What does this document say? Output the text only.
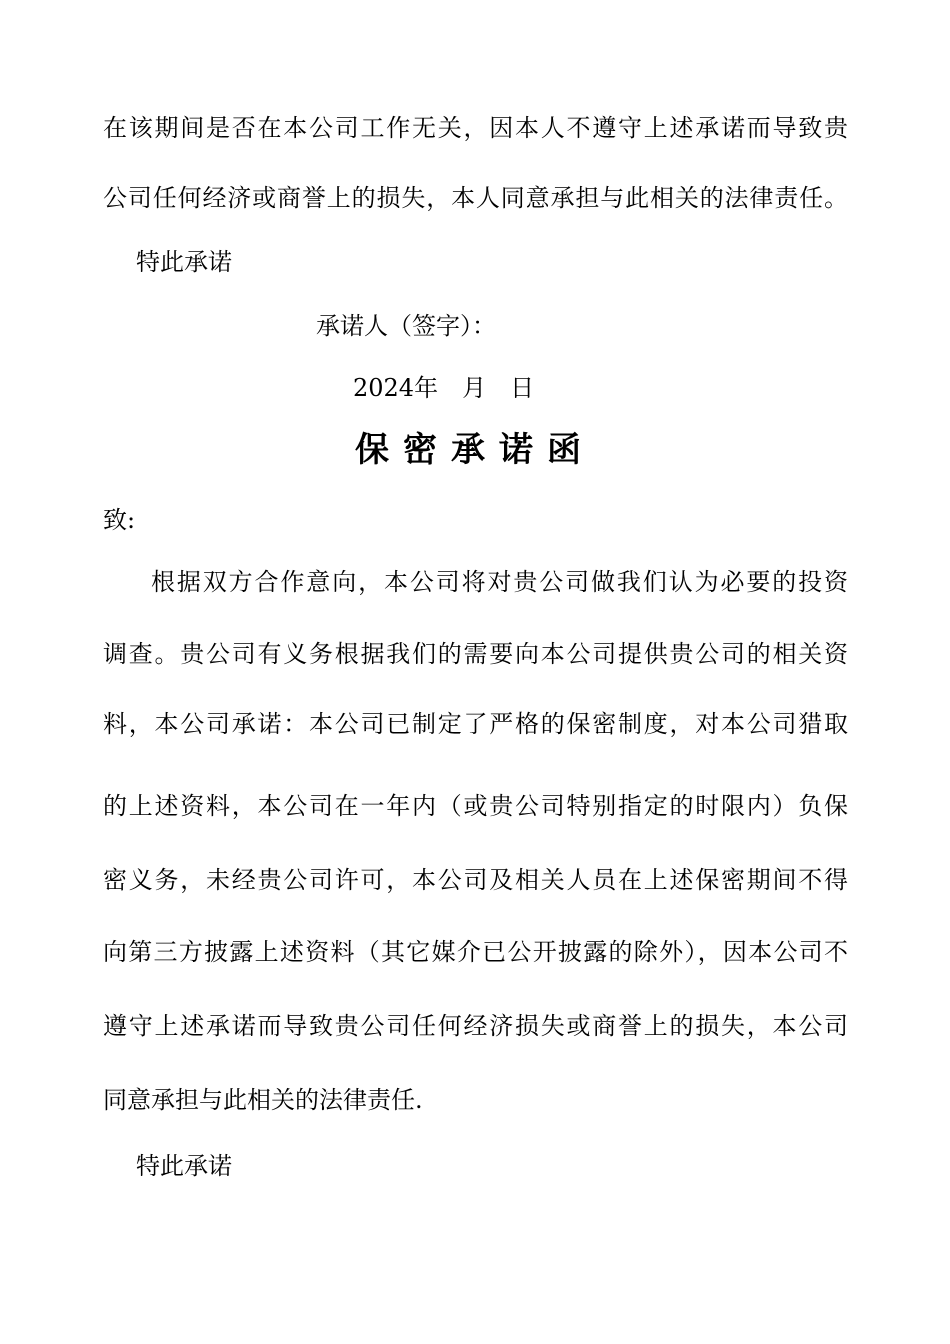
在该期间是否在本公司工作无关，因本人不遵守上述承诺而导致贵
公司任何经济或商誉上的损失，本人同意承担与此相关的法律责任。
特此承诺
承诺人（签字）：
2024年　月　日
保密承诺函
致:
根据双方合作意向，本公司将对贵公司做我们认为必要的投资
调查。贵公司有义务根据我们的需要向本公司提供贵公司的相关资
料，本公司承诺：本公司已制定了严格的保密制度，对本公司猎取
的上述资料，本公司在一年内（或贵公司特别指定的时限内）负保
密义务，未经贵公司许可，本公司及相关人员在上述保密期间不得
向第三方披露上述资料（其它媒介已公开披露的除外），因本公司不
遵守上述承诺而导致贵公司任何经济损失或商誉上的损失，本公司
同意承担与此相关的法律责任.
特此承诺
